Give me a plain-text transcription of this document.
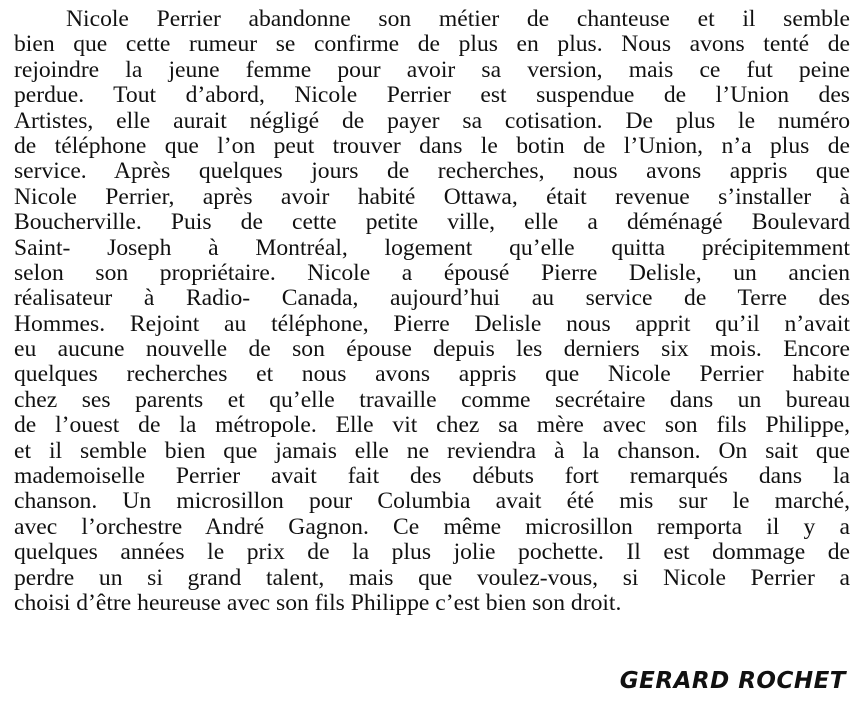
Nicole Perrier abandonne son métier de chanteuse et il semble
bien que cette rumeur se confirme de plus en plus. Nous avons tenté de
rejoindre la jeune femme pour avoir sa version, mais ce fut peine
perdue. Tout d’abord, Nicole Perrier est suspendue de l’Union des
Artistes, elle aurait négligé de payer sa cotisation. De plus le numéro
de téléphone que l’on peut trouver dans le botin de l’Union, n’a plus de
service. Après quelques jours de recherches, nous avons appris que
Nicole Perrier, après avoir habité Ottawa, était revenue s’installer à
Boucherville. Puis de cette petite ville, elle a déménagé Boulevard
Saint- Joseph à Montréal, logement qu’elle quitta précipitemment
selon son propriétaire. Nicole a épousé Pierre Delisle, un ancien
réalisateur à Radio- Canada, aujourd’hui au service de Terre des
Hommes. Rejoint au téléphone, Pierre Delisle nous apprit qu’il n’avait
eu aucune nouvelle de son épouse depuis les derniers six mois. Encore
quelques recherches et nous avons appris que Nicole Perrier habite
chez ses parents et qu’elle travaille comme secrétaire dans un bureau
de l’ouest de la métropole. Elle vit chez sa mère avec son fils Philippe,
et il semble bien que jamais elle ne reviendra à la chanson. On sait que
mademoiselle Perrier avait fait des débuts fort remarqués dans la
chanson. Un microsillon pour Columbia avait été mis sur le marché,
avec l’orchestre André Gagnon. Ce même microsillon remporta il y a
quelques années le prix de la plus jolie pochette. Il est dommage de
perdre un si grand talent, mais que voulez-vous, si Nicole Perrier a
choisi d’être heureuse avec son fils Philippe c’est bien son droit.
GERARD ROCHET
